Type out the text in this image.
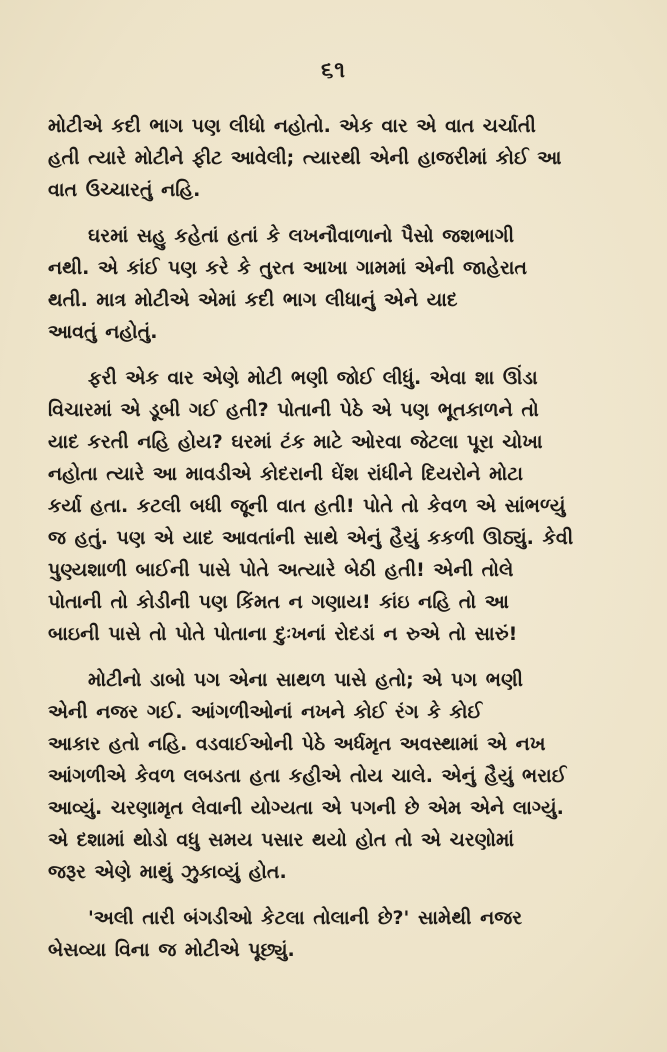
૬૧

મોટીએ કદી ભાગ પણ લીધો નહોતો. એક વાર એ વાત ચર્ચાતી
હતી ત્યારે મોટીને ફીટ આવેલી; ત્યારથી એની હાજરીમાં કોઈ આ
વાત ઉચ્ચારતું નહિ.

ઘરમાં સહુ કહેતાં હતાં કે લખનૌવાળાનો પૈસો જશભાગી
નથી. એ કાંઈ પણ કરે કે તુરત આખા ગામમાં એની જાહેરાત
થતી. માત્ર મોટીએ એમાં કદી ભાગ લીધાનું એને યાદ
આવતું નહોતું.

ફરી એક વાર એણે મોટી ભણી જોઈ લીધું. એવા શા ઊંડા
વિચારમાં એ ડૂબી ગઈ હતી? પોતાની પેઠે એ પણ ભૂતકાળને તો
યાદ કરતી નહિ હોય? ઘરમાં ટંક માટે ઓરવા જેટલા પૂરા ચોખા
નહોતા ત્યારે આ માવડીએ કોદરાની ઘેંશ રાંધીને દિયરોને મોટા
કર્યા હતા. કટલી બધી જૂની વાત હતી! પોતે તો કેવળ એ સાંભળ્યું
જ હતું. પણ એ યાદ આવતાંની સાથે એનું હૈયું કકળી ઊઠ્યું. કેવી
પુણ્યશાળી બાઈની પાસે પોતે અત્યારે બેઠી હતી! એની તોલે
પોતાની તો કોડીની પણ કિંમત ન ગણાય! કાંઇ નહિ તો આ
બાઇની પાસે તો પોતે પોતાના દુઃખનાં રોદડાં ન રુએ તો સારું!

મોટીનો ડાબો પગ એના સાથળ પાસે હતો; એ પગ ભણી
એની નજર ગઈ. આંગળીઓનાં નખને કોઈ રંગ કે કોઈ
આકાર હતો નહિ. વડવાઈઓની પેઠે અર્ધમૃત અવસ્થામાં એ નખ
આંગળીએ કેવળ લબડતા હતા કહીએ તોય ચાલે. એનું હૈયું ભરાઈ
આવ્યું. ચરણામૃત લેવાની યોગ્યતા એ પગની છે એમ એને લાગ્યું.
એ દશામાં થોડો વધુ સમય પસાર થયો હોત તો એ ચરણોમાં
જરૂર એણે માથું ઝુકાવ્યું હોત.

'અલી તારી બંગડીઓ કેટલા તોલાની છે?' સામેથી નજર
બેસવ્યા વિના જ મોટીએ પૂછ્યું.
